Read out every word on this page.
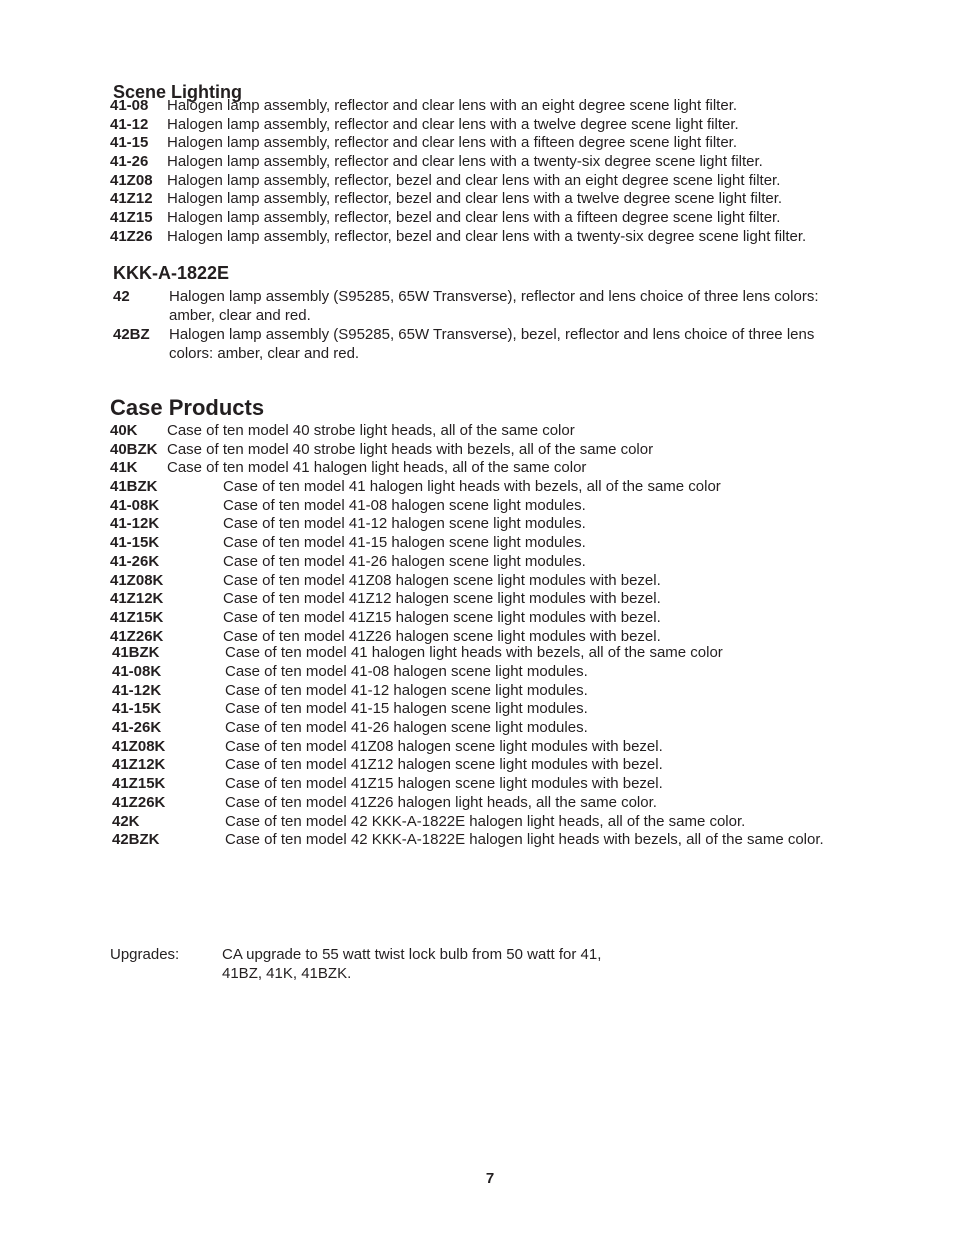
Scene Lighting
41-08 Halogen lamp assembly, reflector and clear lens with an eight degree scene light filter.
41-12 Halogen lamp assembly, reflector and clear lens with a twelve degree scene light filter.
41-15 Halogen lamp assembly, reflector and clear lens with a fifteen degree scene light filter.
41-26 Halogen lamp assembly, reflector and clear lens with a twenty-six degree scene light filter.
41Z08 Halogen lamp assembly, reflector, bezel and clear lens with an eight degree scene light filter.
41Z12 Halogen lamp assembly, reflector, bezel and clear lens with a twelve degree scene light filter.
41Z15 Halogen lamp assembly, reflector, bezel and clear lens with a fifteen degree scene light filter.
41Z26 Halogen lamp assembly, reflector, bezel and clear lens with a twenty-six degree scene light filter.
KKK-A-1822E
42	Halogen lamp assembly (S95285, 65W Transverse), reflector and lens choice of three lens colors: amber, clear and red.
42BZ Halogen lamp assembly (S95285, 65W Transverse), bezel, reflector and lens choice of three lens colors: amber, clear and red.
Case Products
40K Case of ten model 40 strobe light heads, all of the same color
40BZK Case of ten model 40 strobe light heads with bezels, all of the same color
41K Case of ten model 41 halogen light heads, all of the same color
41BZK	Case of ten model 41 halogen light heads with bezels, all of the same color
41-08K	Case of ten model 41-08 halogen scene light modules.
41-12K	Case of ten model 41-12 halogen scene light modules.
41-15K	Case of ten model 41-15 halogen scene light modules.
41-26K	Case of ten model 41-26 halogen scene light modules.
41Z08K	Case of ten model 41Z08 halogen scene light modules with bezel.
41Z12K	Case of ten model 41Z12 halogen scene light modules with bezel.
41Z15K	Case of ten model 41Z15 halogen scene light modules with bezel.
41Z26K	Case of ten model 41Z26 halogen scene light modules with bezel.
41BZK	Case of ten model 41 halogen light heads with bezels, all of the same color
41-08K	Case of ten model 41-08 halogen scene light modules.
41-12K	Case of ten model 41-12 halogen scene light modules.
41-15K	Case of ten model 41-15 halogen scene light modules.
41-26K	Case of ten model 41-26 halogen scene light modules.
41Z08K	Case of ten model 41Z08 halogen scene light modules with bezel.
41Z12K	Case of ten model 41Z12 halogen scene light modules with bezel.
41Z15K	Case of ten model 41Z15 halogen scene light modules with bezel.
41Z26K	Case of ten model 41Z26 halogen light heads, all the same color.
42K	Case of ten model 42 KKK-A-1822E halogen light heads, all of the same color.
42BZK	Case of ten model 42 KKK-A-1822E halogen light heads with bezels, all of the same color.
Upgrades:	CA upgrade to 55 watt twist lock bulb from 50 watt for 41, 41BZ, 41K, 41BZK.
7
